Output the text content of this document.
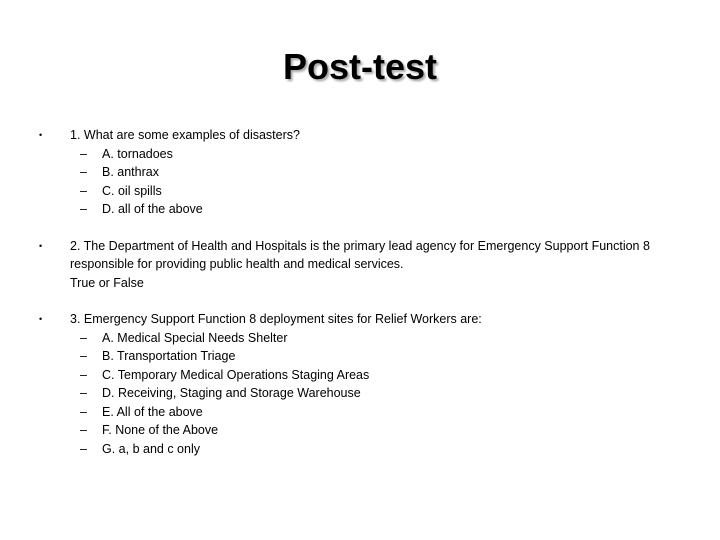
Post-test
• 1. What are some examples of disasters?
– A. tornadoes
– B. anthrax
– C. oil spills
– D. all of the above
• 2. The Department of Health and Hospitals is the primary lead agency for Emergency Support Function 8 responsible for providing public health and medical services.
True or False
• 3. Emergency Support Function 8 deployment sites for Relief Workers are:
– A. Medical Special Needs Shelter
– B. Transportation Triage
– C. Temporary Medical Operations Staging Areas
– D. Receiving, Staging and Storage Warehouse
– E. All of the above
– F. None of the Above
– G. a, b and c only
